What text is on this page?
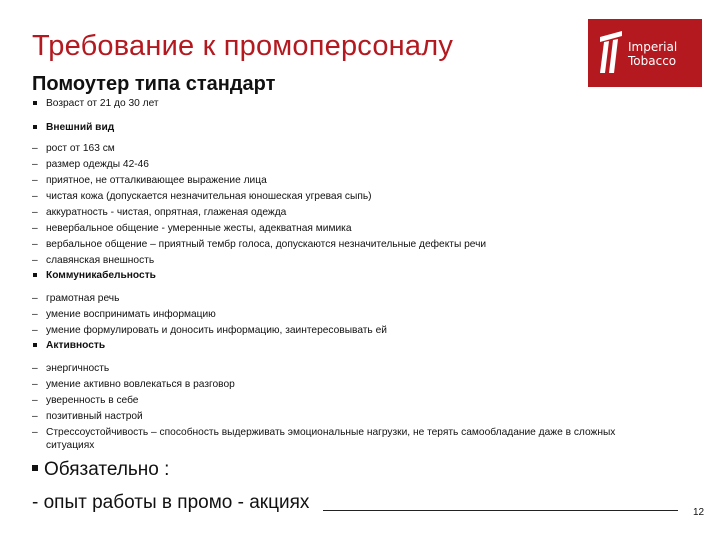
Требование к промоперсоналу
Помоутер типа стандарт
Imperial
Tobacco
Возраст от 21 до 30 лет
Внешний вид
– рост от 163 см
– размер одежды 42-46
– приятное, не отталкивающее выражение лица
– чистая кожа (допускается незначительная юношеская угревая сыпь)
– аккуратность - чистая, опрятная, глаженая одежда
– невербальное общение - умеренные жесты, адекватная мимика
– вербальное общение – приятный тембр голоса, допускаются незначительные дефекты речи
– славянская внешность
Коммуникабельность
– грамотная речь
– умение воспринимать информацию
– умение формулировать и доносить информацию, заинтересовывать ей
Активность
– энергичность
– умение активно вовлекаться в разговор
– уверенность в себе
– позитивный настрой
– Стрессоустойчивость – способность выдерживать эмоциональные нагрузки, не терять самообладание даже в сложных ситуациях
Обязательно :
- опыт работы в промо - акциях	12
